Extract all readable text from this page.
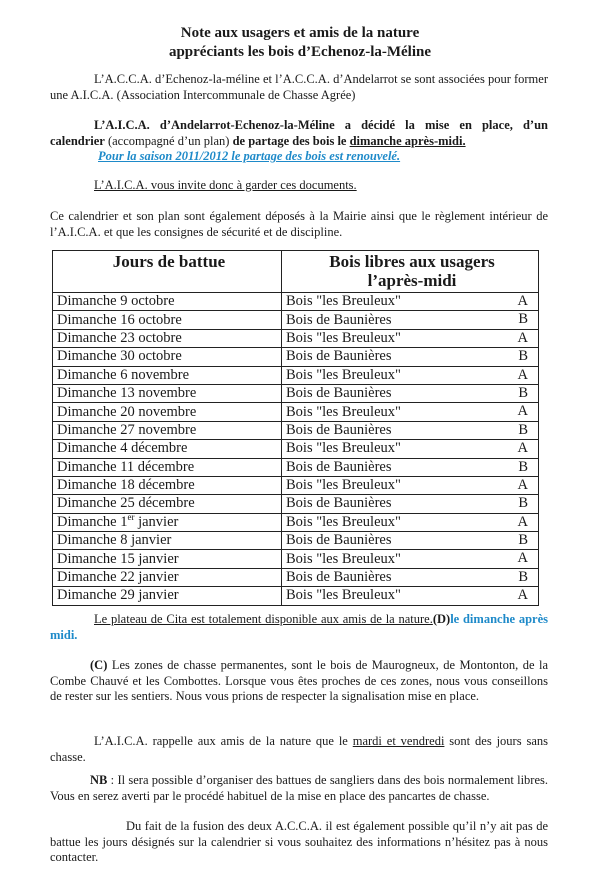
Note aux usagers et amis de la nature
appréciants les bois d’Echenoz-la-Méline
L’A.C.C.A. d’Echenoz-la-méline et l’A.C.C.A. d’Andelarrot se sont associées pour former une A.I.C.A. (Association Intercommunale de Chasse Agrée)
L’A.I.C.A. d’Andelarrot-Echenoz-la-Méline a décidé la mise en place, d’un calendrier (accompagné d’un plan) de partage des bois le dimanche après-midi.
Pour la saison 2011/2012 le partage des bois est renouvelé.
L’A.I.C.A. vous invite donc à garder ces documents.
Ce calendrier et son plan sont également déposés à la Mairie ainsi que le règlement intérieur de l’A.I.C.A. et que les consignes de sécurité et de discipline.
Jours de battue	Bois libres aux usagers
l’après-midi
Dimanche 9 octobre	Bois "les Breuleux" A

Dimanche 16 octobre	Bois de Baunières B

Dimanche 23 octobre	Bois "les Breuleux" A

Dimanche 30 octobre	Bois de Baunières B

Dimanche 6 novembre	Bois "les Breuleux" A

Dimanche 13 novembre	Bois de Baunières B

Dimanche 20 novembre	Bois "les Breuleux" A

Dimanche 27 novembre	Bois de Baunières B

Dimanche 4 décembre	Bois "les Breuleux" A

Dimanche 11 décembre	Bois de Baunières B

Dimanche 18 décembre	Bois "les Breuleux" A

Dimanche 25 décembre	Bois de Baunières B

Dimanche 1er janvier	Bois "les Breuleux" A

Dimanche 8 janvier	Bois de Baunières B

Dimanche 15 janvier	Bois "les Breuleux" A

Dimanche 22 janvier	Bois de Baunières B

Dimanche 29 janvier	Bois "les Breuleux" A
Le plateau de Cita est totalement disponible aux amis de la nature.(D)le dimanche après midi.
(C) Les zones de chasse permanentes, sont le bois de Maurogneux, de Montonton, de la Combe Chauvé et les Combottes. Lorsque vous êtes proches de ces zones, nous vous conseillons de rester sur les sentiers. Nous vous prions de respecter la signalisation mise en place.
L’A.I.C.A. rappelle aux amis de la nature que le mardi et vendredi sont des jours sans chasse.
NB : Il sera possible d’organiser des battues de sangliers dans des bois normalement libres. Vous en serez averti par le procédé habituel de la mise en place des pancartes de chasse.
Du fait de la fusion des deux A.C.C.A. il est également possible qu’il n’y ait pas de battue les jours désignés sur la calendrier si vous souhaitez des informations n’hésitez pas à nous contacter.
